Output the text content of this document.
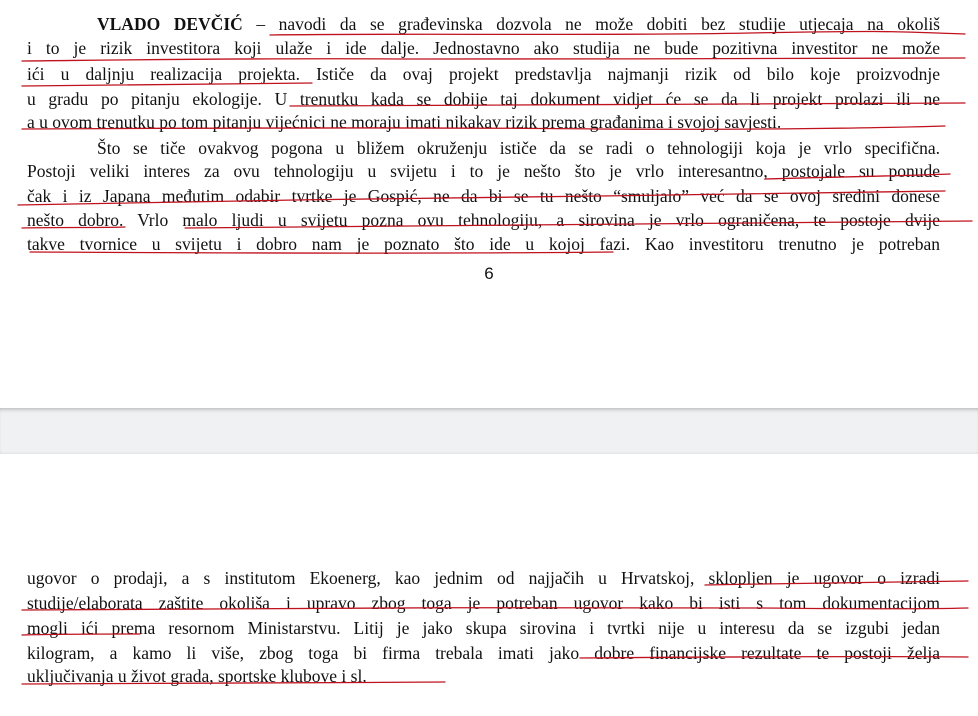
VLADO DEVČIĆ – navodi da se građevinska dozvola ne može dobiti bez studije utjecaja na okoliš
i to je rizik investitora koji ulaže i ide dalje. Jednostavno ako studija ne bude pozitivna investitor ne može
ići u daljnju realizacija projekta. Ističe da ovaj projekt predstavlja najmanji rizik od bilo koje proizvodnje
u gradu po pitanju ekologije. U trenutku kada se dobije taj dokument vidjet će se da li projekt prolazi ili ne
a u ovom trenutku po tom pitanju vijećnici ne moraju imati nikakav rizik prema građanima i svojoj savjesti.
Što se tiče ovakvog pogona u bližem okruženju ističe da se radi o tehnologiji koja je vrlo specifična.
Postoji veliki interes za ovu tehnologiju u svijetu i to je nešto što je vrlo interesantno, postojale su ponude
čak i iz Japana međutim odabir tvrtke je Gospić, ne da bi se tu nešto “smuljalo” već da se ovoj sredini donese
nešto dobro. Vrlo malo ljudi u svijetu pozna ovu tehnologiju, a sirovina je vrlo ograničena, te postoje dvije
takve tvornice u svijetu i dobro nam je poznato što ide u kojoj fazi. Kao investitoru trenutno je potreban
6
ugovor o prodaji, a s institutom Ekoenerg, kao jednim od najjačih u Hrvatskoj, sklopljen je ugovor o izradi
studije/elaborata zaštite okoliša i upravo zbog toga je potreban ugovor kako bi isti s tom dokumentacijom
mogli ići prema resornom Ministarstvu. Litij je jako skupa sirovina i tvrtki nije u interesu da se izgubi jedan
kilogram, a kamo li više, zbog toga bi firma trebala imati jako dobre financijske rezultate te postoji želja
uključivanja u život grada, sportske klubove i sl.
